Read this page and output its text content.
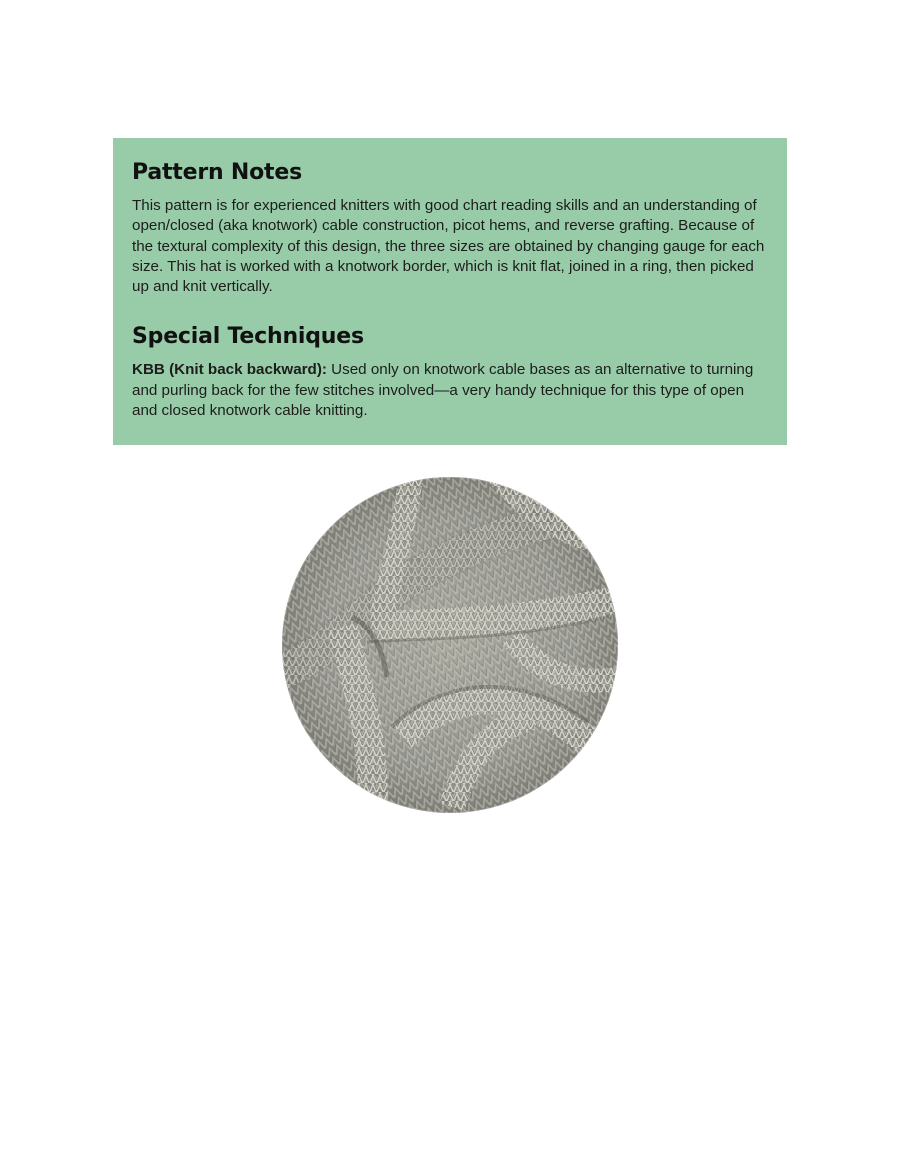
Pattern Notes

This pattern is for experienced knitters with good chart reading skills and an understanding of open/closed (aka knotwork) cable construction, picot hems, and reverse grafting. Because of the textural complexity of this design, the three sizes are obtained by changing gauge for each size. This hat is worked with a knotwork border, which is knit flat, joined in a ring, then picked up and knit vertically.

Special Techniques

KBB (Knit back backward): Used only on knotwork cable bases as an alternative to turning and purling back for the few stitches involved—a very handy technique for this type of open and closed knotwork cable knitting.
